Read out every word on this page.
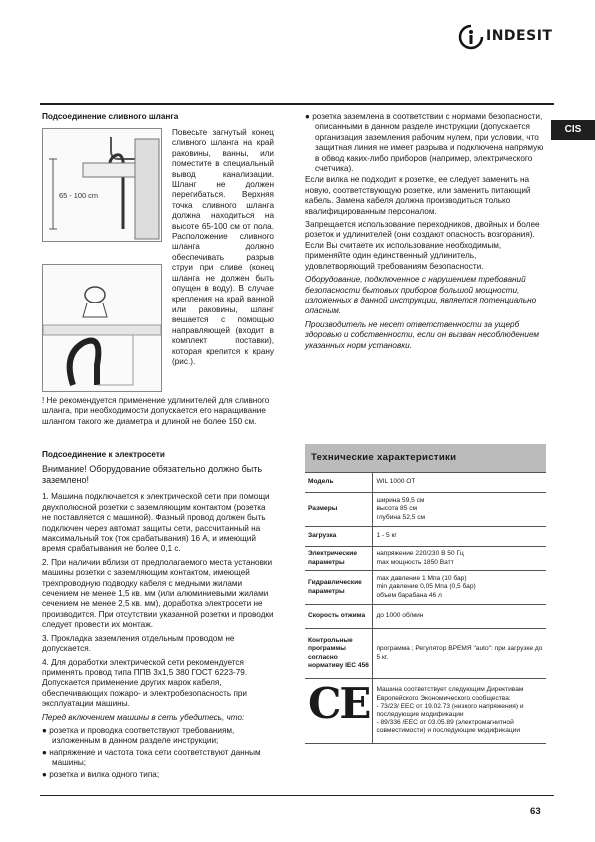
INDESIT
CIS
Подсоединение сливного шланга
65 - 100 cm
Повесьте загнутый конец сливного шланга на край раковины, ванны, или поместите в специальный вывод канализации. Шланг не должен перегибаться. Верхняя точка сливного шланга должна находиться на высоте 65-100 см от пола. Расположение сливного шланга должно обеспечивать разрыв струи при сливе (конец шланга не должен быть опущен в воду). В случае крепления на край ванной или раковины, шланг вешается с помощью направляющей (входит в комплект поставки), которая крепится к крану (рис.).

! Не рекомендуется применение удлинителей для сливного шланга, при необходимости допускается его наращивание шлангом такого же диаметра и длиной не более 150 см.

Подсоединение к электросети

Внимание! Оборудование обязательно должно быть заземлено!

1. Машина подключается к электрической сети при помощи двухполюсной розетки с заземляющим контактом (розетка не поставляется с машиной). Фазный провод должен быть подключен через автомат защиты сети, рассчитанный на максимальный ток (ток срабатывания) 16 А, и имеющий время срабатывания не более 0,1 с.

2. При наличии вблизи от предполагаемого места установки машины розетки с заземляющим контактом, имеющей трехпроводную подводку кабеля с медными жилами сечением не менее 1,5 кв. мм (или алюминиевыми жилами сечением не менее 2,5 кв. мм), доработка электросети не производится. При отсутствии указанной розетки и проводки следует провести их монтаж.

3. Прокладка заземления отдельным проводом не допускается.

4. Для доработки электрической сети рекомендуется применять провод типа ППВ 3х1,5 380 ГОСТ 6223-79. Допускается применение других марок кабеля, обеспечивающих пожаро- и электробезопасность при эксплуатации машины.

Перед включением машины в сеть убедитесь, что:

● розетка и проводка соответствуют требованиям, изложенным в данном разделе инструкции;

● напряжение и частота тока сети соответствуют данным машины;

● розетка и вилка одного типа;

● розетка заземлена в соответствии с нормами безопасности, описанными в данном разделе инструкции (допускается организация заземления рабочим нулем, при условии, что защитная линия не имеет разрыва и подключена напрямую в обвод каких-либо приборов (например, электрического счетчика).

Если вилка не подходит к розетке, ее следует заменить на новую, соответствующую розетке, или заменить питающий кабель. Замена кабеля должна производиться только квалифицированным персоналом.

Запрещается использование переходников, двойных и более розеток и удлинителей (они создают опасность возгорания). Если Вы считаете их использование необходимым, применяйте один единственный удлинитель, удовлетворяющий требованиям безопасности.

Оборудование, подключенное с нарушением требований безопасности бытовых приборов большой мощности, изложенных в данной инструкции, является потенциально опасным.

Производитель не несет ответственности за ущерб здоровью и собственности, если он вызван несоблюдением указанных норм установки.

Технические характеристики
Модель	WIL 1000 OT
Размеры	ширина 59,5 см
высота 85 см
глубина 52,5 см
Загрузка	1 - 5 кг
Электрические параметры	напряжение 220/230 В 50 Гц
max мощность 1850 Ватт
Гидравлические параметры	max давление 1 Мпа (10 бар)
min давление 0,05 Мпа (0,5 бар)
объем барабана 46 л
Скорость отжима	до 1000 об/мин
Контрольные программы согласно нормативу IEC 456	программа ; Регулятор ВРЕМЯ "auto": при загрузке до 5 кг.
CE	Машина соответствует следующим Директивам Европейского Экономического сообщества:
- 73/23/ EEC от 19.02.73 (низкого напряжения) и последующие модификации
- 89/336 /EEC от 03.05.89 (электромагнитной совместимости) и последующие модификации
63
